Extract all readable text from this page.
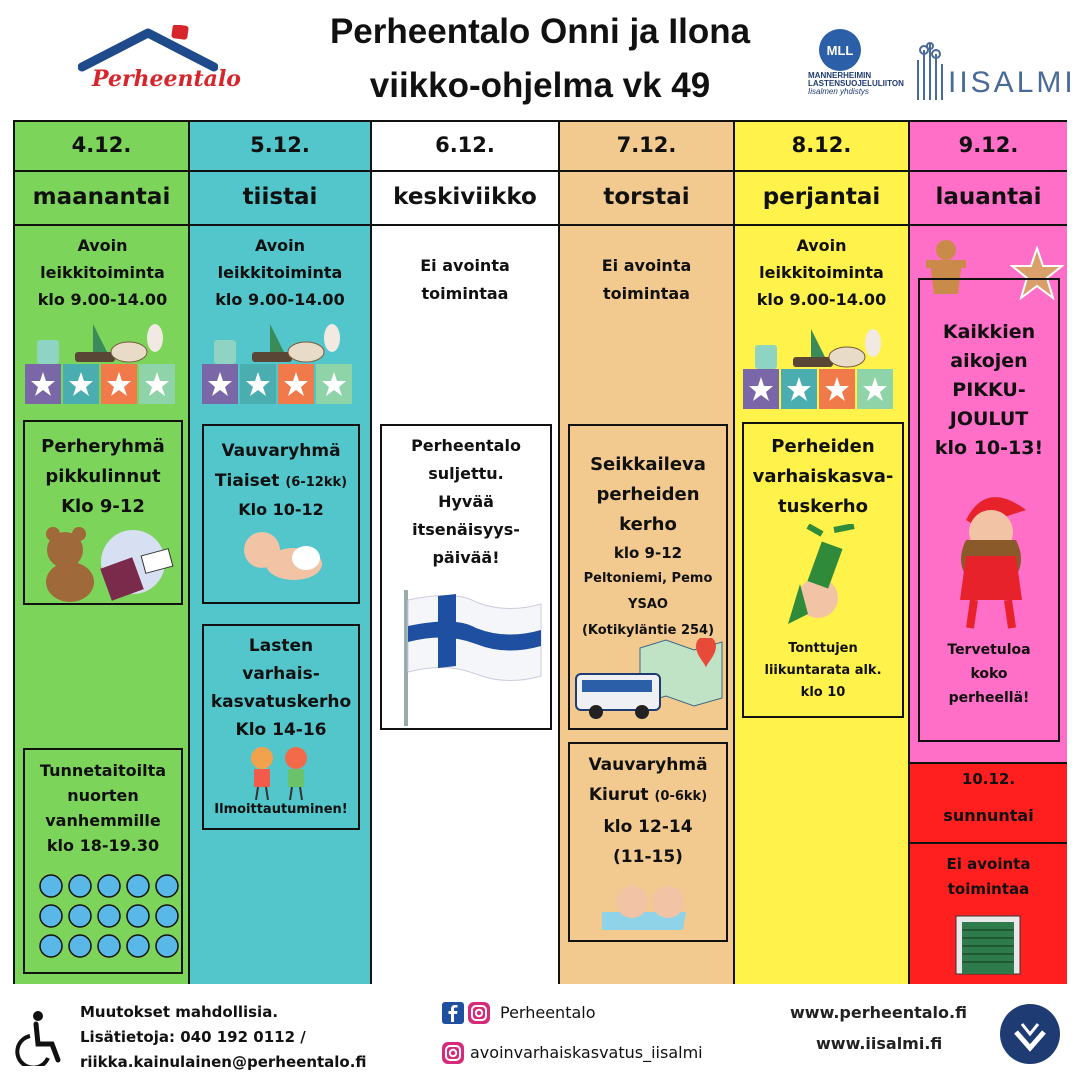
Perheentalo Onni ja Ilona
viikko-ohjelma vk 49
Perheentalo
MLL
MANNERHEIMIN
LASTENSUOJELULIITON
Iisalmen yhdistys	IISALMI
4.12.
maanantai
Avoin
leikkitoiminta
klo 9.00-14.00
Perheryhmä
pikkulinnut
Klo 9-12
Tunnetaitoilta
nuorten
vanhemmille
klo 18-19.30
5.12.
tiistai
Avoin
leikkitoiminta
klo 9.00-14.00
Vauvaryhmä
Tiaiset (6-12kk)
Klo 10-12
Lasten
varhais-
kasvatuskerho
Klo 14-16
Ilmoittautuminen!
6.12.
keskiviikko
Ei avointa
toimintaa
Perheentalo
suljettu.
Hyvää
itsenäisyys-
päivää!
7.12.
torstai
Ei avointa
toimintaa
Seikkaileva
perheiden
kerho
klo 9-12
Peltoniemi, Pemo
YSAO
(Kotikyläntie 254)
Vauvaryhmä
Kiurut (0-6kk)
klo 12-14
(11-15)
8.12.
perjantai
Avoin
leikkitoiminta
klo 9.00-14.00
Perheiden
varhaiskasva-
tuskerho
Tonttujen
liikuntarata alk.
klo 10
9.12.
lauantai
Kaikkien
aikojen
PIKKU-
JOULUT
klo 10-13!
Tervetuloa
koko
perheellä!
10.12.
sunnuntai
Ei avointa
toimintaa
Muutokset mahdollisia.
Lisätietoja: 040 192 0112 /
riikka.kainulainen@perheentalo.fi
Perheentalo
avoinvarhaiskasvatus_iisalmi
www.perheentalo.fi
www.iisalmi.fi
